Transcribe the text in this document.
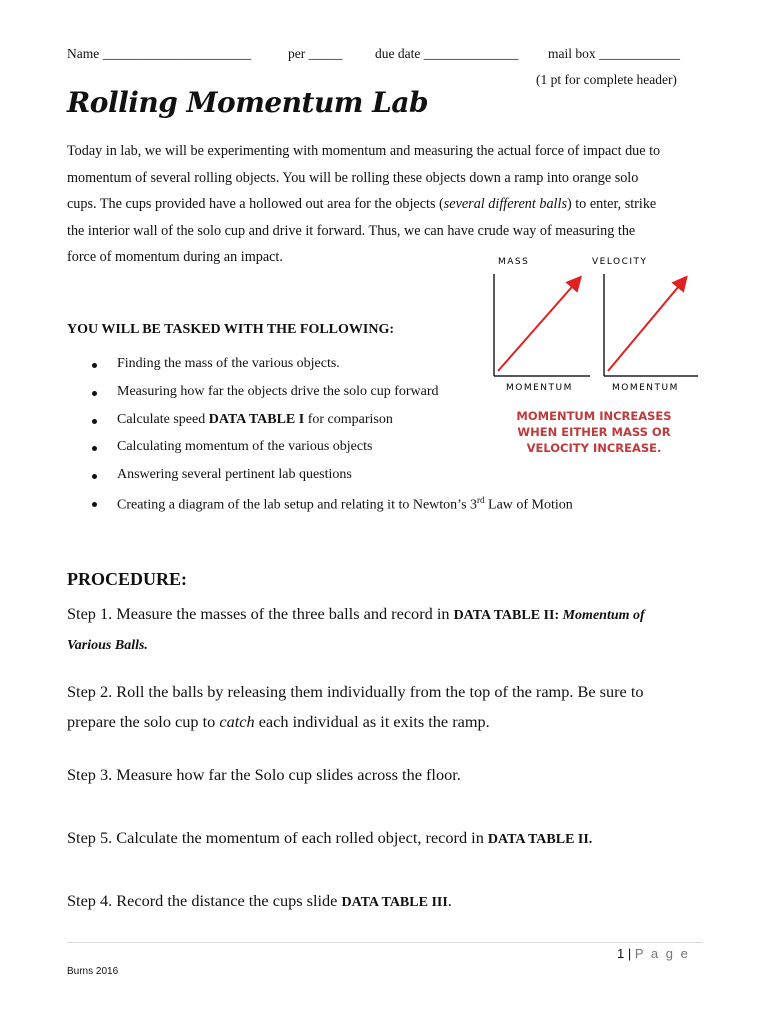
Name ______________________	per _____ due date ______________ mail box ____________
(1 pt for complete header)
Rolling Momentum Lab
Today in lab, we will be experimenting with momentum and measuring the actual force of impact due to
momentum of several rolling objects. You will be rolling these objects down a ramp into orange solo
cups. The cups provided have a hollowed out area for the objects (several different balls) to enter, strike
the interior wall of the solo cup and drive it forward. Thus, we can have crude way of measuring the
force of momentum during an impact.	MASS	VELOCITY
MOMENTUM	MOMENTUM
MOMENTUM INCREASES
WHEN EITHER MASS OR
VELOCITY INCREASE.
YOU WILL BE TASKED WITH THE FOLLOWING:
Finding the mass of the various objects.
Measuring how far the objects drive the solo cup forward
Calculate speed DATA TABLE I for comparison
Calculating momentum of the various objects
Answering several pertinent lab questions
Creating a diagram of the lab setup and relating it to Newton’s 3rd Law of Motion
PROCEDURE:
Step 1. Measure the masses of the three balls and record in DATA TABLE II: Momentum of
Various Balls.
Step 2. Roll the balls by releasing them individually from the top of the ramp. Be sure to
prepare the solo cup to catch each individual as it exits the ramp.
Step 3. Measure how far the Solo cup slides across the floor.
Step 5. Calculate the momentum of each rolled object, record in DATA TABLE II.
Step 4. Record the distance the cups slide DATA TABLE III.
1 | P a g e
Burns 2016
